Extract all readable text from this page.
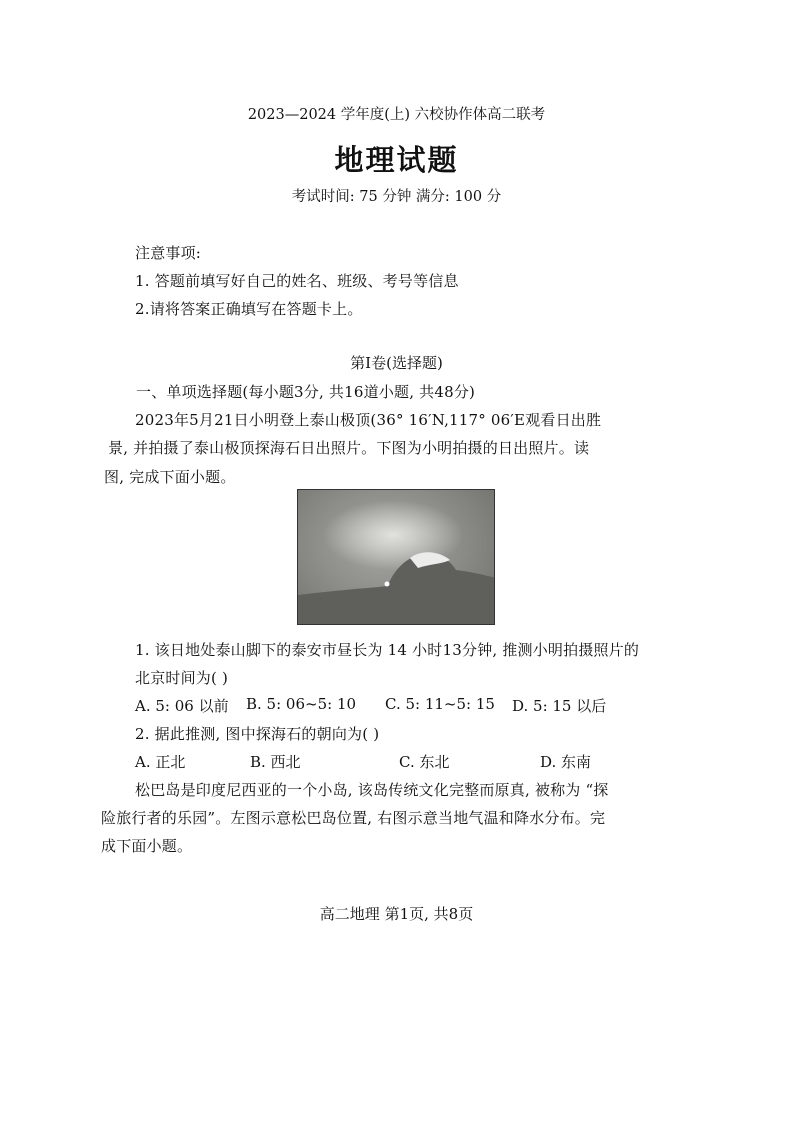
2023—2024 学年度(上) 六校协作体高二联考
地理试题
考试时间: 75 分钟 满分: 100 分
注意事项:
1. 答题前填写好自己的姓名、班级、考号等信息
2.请将答案正确填写在答题卡上。
第Ⅰ卷(选择题)
一、单项选择题(每小题3分, 共16道小题, 共48分)
2023年5月21日小明登上泰山极顶(36° 16′N,117° 06′E观看日出胜
景, 并拍摄了泰山极顶探海石日出照片。下图为小明拍摄的日出照片。读
图, 完成下面小题。
1. 该日地处泰山脚下的泰安市昼长为 14 小时13分钟, 推测小明拍摄照片的
北京时间为( )
A. 5: 06 以前 B. 5: 06~5: 10 C. 5: 11~5: 15 D. 5: 15 以后
2. 据此推测, 图中探海石的朝向为( )
A. 正北	B. 西北	C. 东北	D. 东南
松巴岛是印度尼西亚的一个小岛, 该岛传统文化完整而原真, 被称为 “探
险旅行者的乐园”。左图示意松巴岛位置, 右图示意当地气温和降水分布。完
成下面小题。
高二地理 第1页, 共8页
